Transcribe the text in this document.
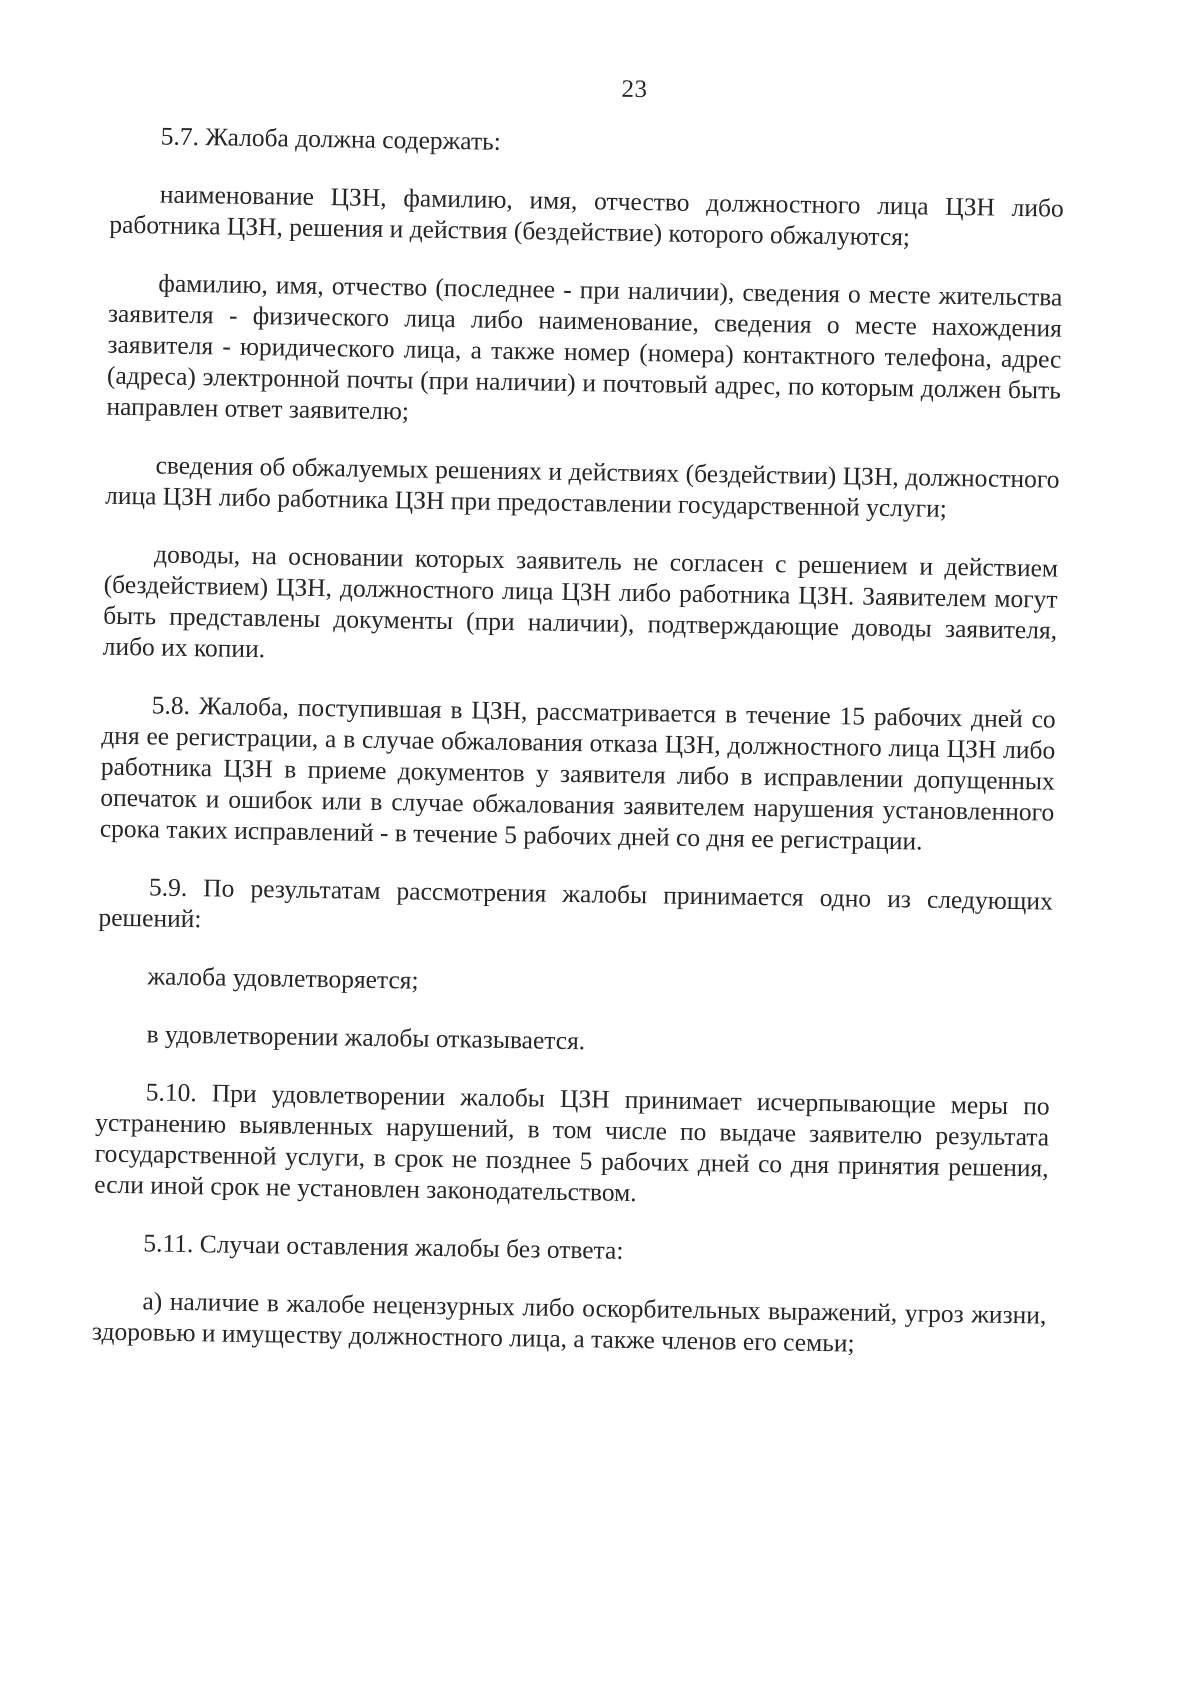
23

5.7. Жалоба должна содержать:

наименование ЦЗН, фамилию, имя, отчество должностного лица ЦЗН либо работника ЦЗН, решения и действия (бездействие) которого обжалуются;

фамилию, имя, отчество (последнее - при наличии), сведения о месте жительства заявителя - физического лица либо наименование, сведения о месте нахождения заявителя - юридического лица, а также номер (номера) контактного телефона, адрес (адреса) электронной почты (при наличии) и почтовый адрес, по которым должен быть направлен ответ заявителю;

сведения об обжалуемых решениях и действиях (бездействии) ЦЗН, должностного лица ЦЗН либо работника ЦЗН при предоставлении государственной услуги;

доводы, на основании которых заявитель не согласен с решением и действием (бездействием) ЦЗН, должностного лица ЦЗН либо работника ЦЗН. Заявителем могут быть представлены документы (при наличии), подтверждающие доводы заявителя, либо их копии.

5.8. Жалоба, поступившая в ЦЗН, рассматривается в течение 15 рабочих дней со дня ее регистрации, а в случае обжалования отказа ЦЗН, должностного лица ЦЗН либо работника ЦЗН в приеме документов у заявителя либо в исправлении допущенных опечаток и ошибок или в случае обжалования заявителем нарушения установленного срока таких исправлений - в течение 5 рабочих дней со дня ее регистрации.

5.9. По результатам рассмотрения жалобы принимается одно из следующих решений:

жалоба удовлетворяется;

в удовлетворении жалобы отказывается.

5.10. При удовлетворении жалобы ЦЗН принимает исчерпывающие меры по устранению выявленных нарушений, в том числе по выдаче заявителю результата государственной услуги, в срок не позднее 5 рабочих дней со дня принятия решения, если иной срок не установлен законодательством.

5.11. Случаи оставления жалобы без ответа:

а) наличие в жалобе нецензурных либо оскорбительных выражений, угроз жизни, здоровью и имуществу должностного лица, а также членов его семьи;
